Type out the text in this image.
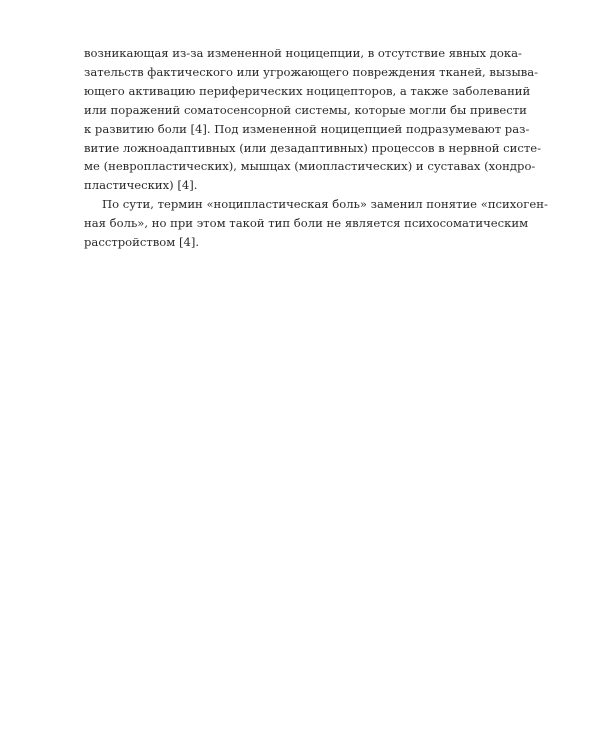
возникающая из-за измененной ноцицепции, в отсутствие явных дока-
зательств фактического или угрожающего повреждения тканей, вызыва-
ющего активацию периферических ноцицепторов, а также заболеваний
или поражений соматосенсорной системы, которые могли бы привести
к развитию боли [4]. Под измененной ноцицепцией подразумевают раз-
витие ложноадаптивных (или дезадаптивных) процессов в нервной систе-
ме (невропластических), мышцах (миопластических) и суставах (хондро-
пластических) [4].
По сути, термин «ноципластическая боль» заменил понятие «психоген-
ная боль», но при этом такой тип боли не является психосоматическим
расстройством [4].
